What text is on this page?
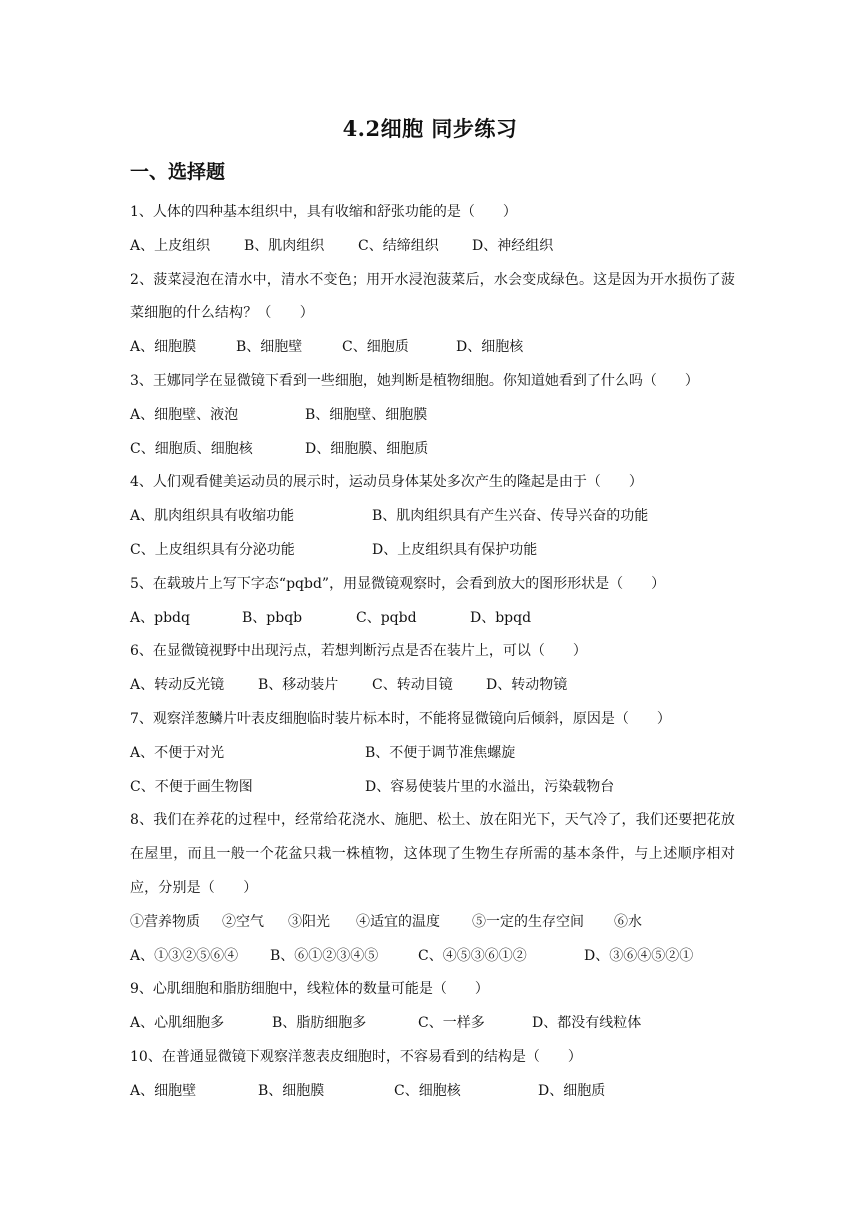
4.2细胞 同步练习
一、选择题

1、人体的四种基本组织中，具有收缩和舒张功能的是（　　）

A、上皮组织 B、肌肉组织 C、结缔组织 D、神经组织

2、菠菜浸泡在清水中，清水不变色；用开水浸泡菠菜后，水会变成绿色。这是因为开水损伤了菠菜细胞的什么结构？（　　）

A、细胞膜	B、细胞壁	C、细胞质	D、细胞核

3、王娜同学在显微镜下看到一些细胞，她判断是植物细胞。你知道她看到了什么吗（　　）

A、细胞壁、液泡	B、细胞壁、细胞膜
C、细胞质、细胞核	D、细胞膜、细胞质

4、人们观看健美运动员的展示时，运动员身体某处多次产生的隆起是由于（　　）

A、肌肉组织具有收缩功能	B、肌肉组织具有产生兴奋、传导兴奋的功能
C、上皮组织具有分泌功能	D、上皮组织具有保护功能

5、在载玻片上写下字态“pqbd”，用显微镜观察时，会看到放大的图形形状是（　　）

A、pbdq	B、pbqb	C、pqbd	D、bpqd

6、在显微镜视野中出现污点，若想判断污点是否在装片上，可以（　　）

A、转动反光镜 B、移动装片 C、转动目镜 D、转动物镜

7、观察洋葱鳞片叶表皮细胞临时装片标本时，不能将显微镜向后倾斜，原因是（　　）

A、不便于对光	B、不便于调节准焦螺旋
C、不便于画生物图	D、容易使装片里的水溢出，污染载物台

8、我们在养花的过程中，经常给花浇水、施肥、松土、放在阳光下，天气冷了，我们还要把花放在屋里，而且一般一个花盆只栽一株植物，这体现了生物生存所需的基本条件，与上述顺序相对应，分别是（　　）

①营养物质 ②空气 ③阳光 ④适宜的温度 ⑤一定的生存空间 ⑥水
A、①③②⑤⑥④ B、⑥①②③④⑤	C、④⑤③⑥①②	D、③⑥④⑤②①

9、心肌细胞和脂肪细胞中，线粒体的数量可能是（　　）

A、心肌细胞多	B、脂肪细胞多	C、一样多	D、都没有线粒体

10、在普通显微镜下观察洋葱表皮细胞时，不容易看到的结构是（　　）

A、细胞壁	B、细胞膜	C、细胞核	D、细胞质
